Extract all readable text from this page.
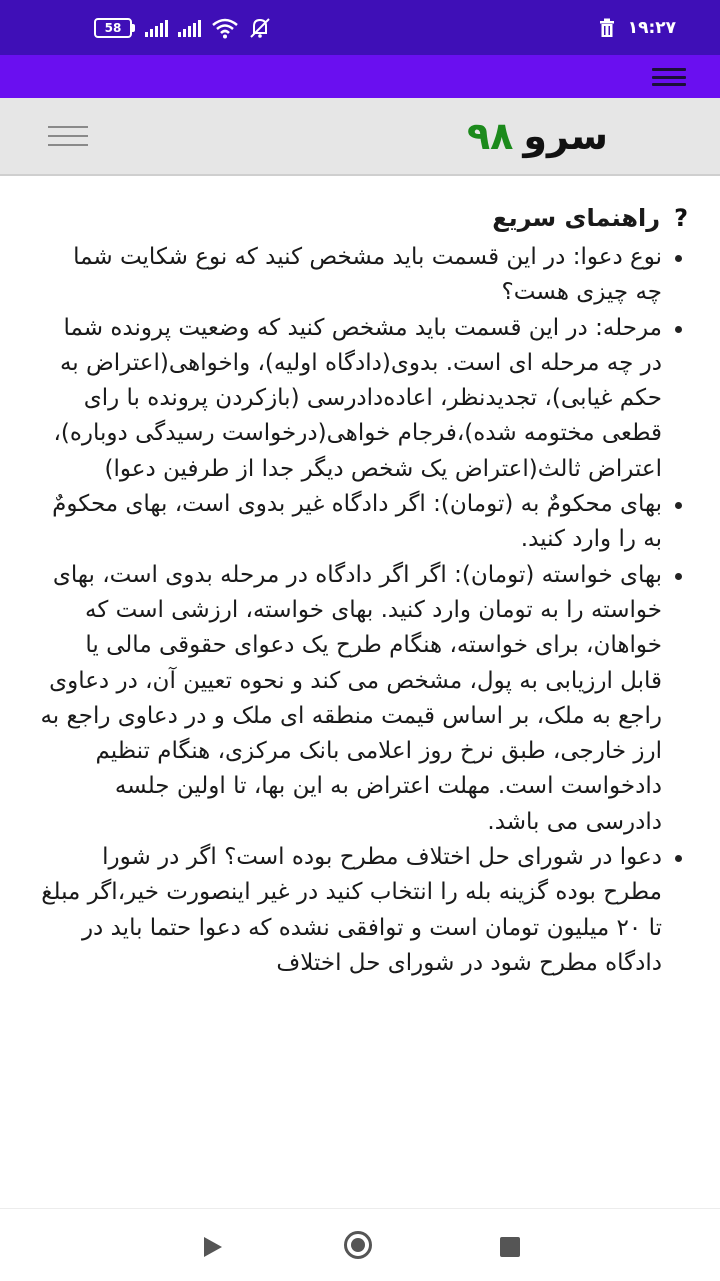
58	۱۹:۲۷
سرو۹۸
?
راهنمای سریع
نوع دعوا: در این قسمت باید مشخص کنید که نوع شکایت شما چه چیزی هست؟
مرحله: در این قسمت باید مشخص کنید که وضعیت پرونده شما در چه مرحله ای است. بدوی(دادگاه اولیه)، واخواهی(اعتراض به حکم غیابی)، تجدیدنظر، اعاده‌دادرسی (بازکردن پرونده با رای قطعی مختومه شده)،فرجام خواهی(درخواست رسیدگی دوباره)، اعتراض ثالث(اعتراض یک شخص دیگر جدا از طرفین دعوا)
بهای محکومٌ به (تومان): اگر دادگاه غیر بدوی است، بهای محکومٌ به را وارد کنید.
بهای خواسته (تومان): اگر اگر دادگاه در مرحله بدوی است، بهای خواسته را به تومان وارد کنید. بهای خواسته، ارزشی است که خواهان، برای خواسته، هنگام طرح یک دعوای حقوقی مالی یا قابل ارزیابی به پول، مشخص می کند و نحوه تعیین آن، در دعاوی راجع به ملک، بر اساس قیمت منطقه ای ملک و در دعاوی راجع به ارز خارجی، طبق نرخ روز اعلامی بانک مرکزی، هنگام تنظیم دادخواست است. مهلت اعتراض به این بها، تا اولین جلسه دادرسی می باشد.
دعوا در شورای حل اختلاف مطرح بوده است؟ اگر در شورا مطرح بوده گزینه بله را انتخاب کنید در غیر اینصورت خیر،اگر مبلغ تا ۲۰ میلیون تومان است و توافقی نشده که دعوا حتما باید در دادگاه مطرح شود در شورای حل اختلاف
